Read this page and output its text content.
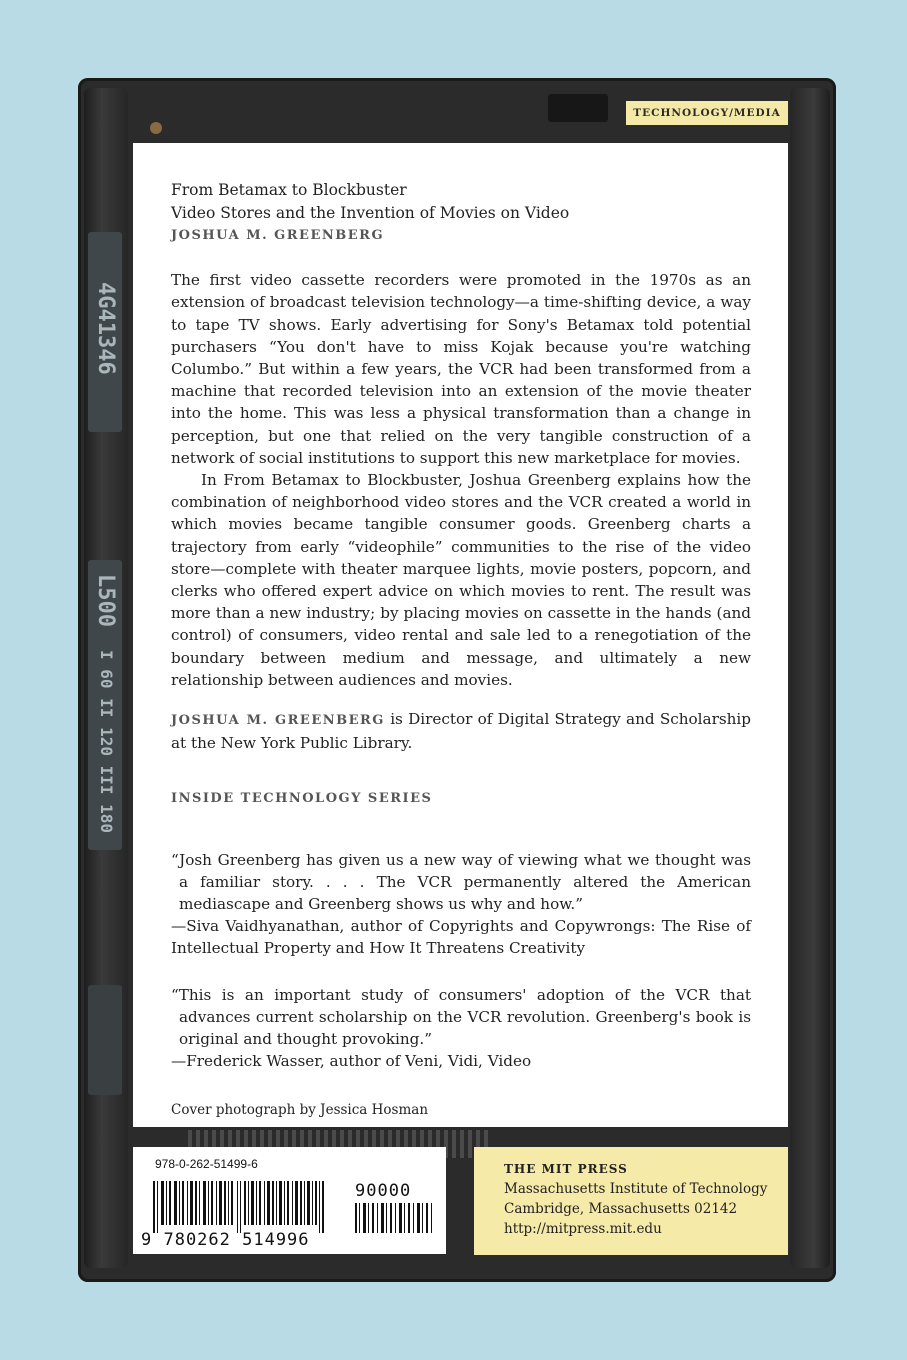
4G41346
L500
I 60 II 120 III 180
TECHNOLOGY/MEDIA
From Betamax to Blockbuster
Video Stores and the Invention of Movies on Video
JOSHUA M. GREENBERG
The first video cassette recorders were promoted in the 1970s as an extension of broadcast television technology—a time-shifting device, a way to tape TV shows. Early advertising for Sony's Betamax told potential purchasers “You don't have to miss Kojak because you're watching Columbo.” But within a few years, the VCR had been transformed from a machine that recorded television into an extension of the movie theater into the home. This was less a physical transformation than a change in perception, but one that relied on the very tangible construction of a network of social institutions to support this new marketplace for movies.
In From Betamax to Blockbuster, Joshua Greenberg explains how the combination of neighborhood video stores and the VCR created a world in which movies became tangible consumer goods. Greenberg charts a trajectory from early “videophile” communities to the rise of the video store—complete with theater marquee lights, movie posters, popcorn, and clerks who offered expert advice on which movies to rent. The result was more than a new industry; by placing movies on cassette in the hands (and control) of consumers, video rental and sale led to a renegotiation of the boundary between medium and message, and ultimately a new relationship between audiences and movies.
JOSHUA M. GREENBERG is Director of Digital Strategy and Scholarship at the New York Public Library.
INSIDE TECHNOLOGY SERIES
“Josh Greenberg has given us a new way of viewing what we thought was a familiar story. . . . The VCR permanently altered the American mediascape and Greenberg shows us why and how.”
—Siva Vaidhyanathan, author of Copyrights and Copywrongs: The Rise of Intellectual Property and How It Threatens Creativity
“This is an important study of consumers' adoption of the VCR that advances current scholarship on the VCR revolution. Greenberg's book is original and thought provoking.”
—Frederick Wasser, author of Veni, Vidi, Video
Cover photograph by Jessica Hosman
978-0-262-51499-6
90000
9 780262 514996
THE MIT PRESS
Massachusetts Institute of Technology
Cambridge, Massachusetts 02142
http://mitpress.mit.edu
